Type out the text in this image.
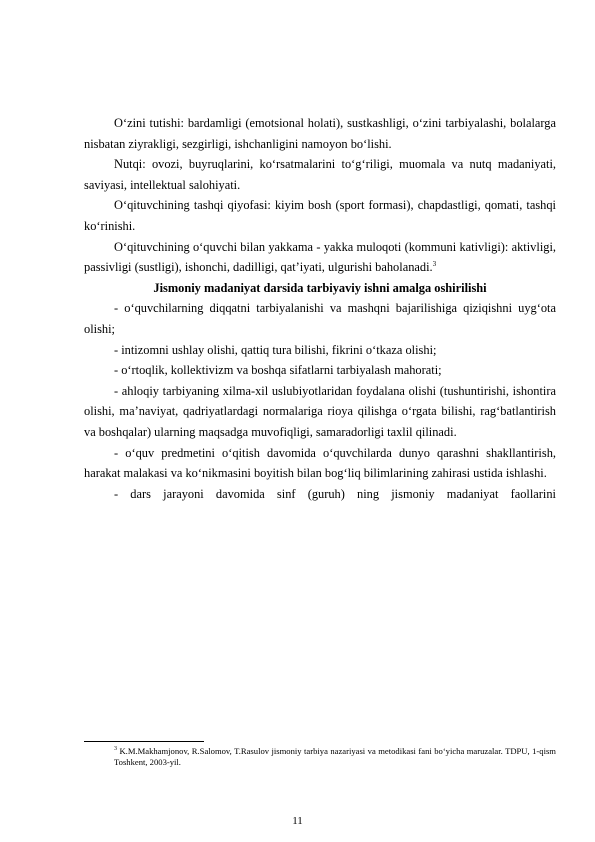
O‘zini tutishi: bardamligi (emotsional holati), sustkashligi, o‘zini tarbiyalashi, bolalarga nisbatan ziyrakligi, sezgirligi, ishchanligini namoyon bo‘lishi.

Nutqi: ovozi, buyruqlarini, ko‘rsatmalarini to‘g‘riligi, muomala va nutq madaniyati, saviyasi, intellektual salohiyati.

O‘qituvchining tashqi qiyofasi: kiyim bosh (sport formasi), chapdastligi, qomati, tashqi ko‘rinishi.

O‘qituvchining o‘quvchi bilan yakkama - yakka muloqoti (kommuni kativligi): aktivligi, passivligi (sustligi), ishonchi, dadilligi, qat’iyati, ulgurishi baholanadi.$^3$

Jismoniy madaniyat darsida tarbiyaviy ishni amalga oshirilishi

- o‘quvchilarning diqqatni tarbiyalanishi va mashqni bajarilishiga qiziqishni uyg‘ota olishi;

- intizomni ushlay olishi, qattiq tura bilishi, fikrini o‘tkaza olishi;

- o‘rtoqlik, kollektivizm va boshqa sifatlarni tarbiyalash mahorati;

- ahloqiy tarbiyaning xilma-xil uslubiyotlaridan foydalana olishi (tushuntirishi, ishontira olishi, ma’naviyat, qadriyatlardagi normalariga rioya qilishga o‘rgata bilishi, rag‘batlantirish va boshqalar) ularning maqsadga muvofiqligi, samaradorligi taxlil qilinadi.

- o‘quv predmetini o‘qitish davomida o‘quvchilarda dunyo qarashni shakllantirish, harakat malakasi va ko‘nikmasini boyitish bilan bog‘liq bilimlarining zahirasi ustida ishlashi.

- dars jarayoni davomida sinf (guruh) ning jismoniy madaniyat faollarini

$^3$ K.M.Makhamjonov, R.Salomov, T.Rasulov jismoniy tarbiya nazariyasi va metodikasi fani bo‘yicha maruzalar. TDPU, 1-qism Toshkent, 2003-yil.
11
